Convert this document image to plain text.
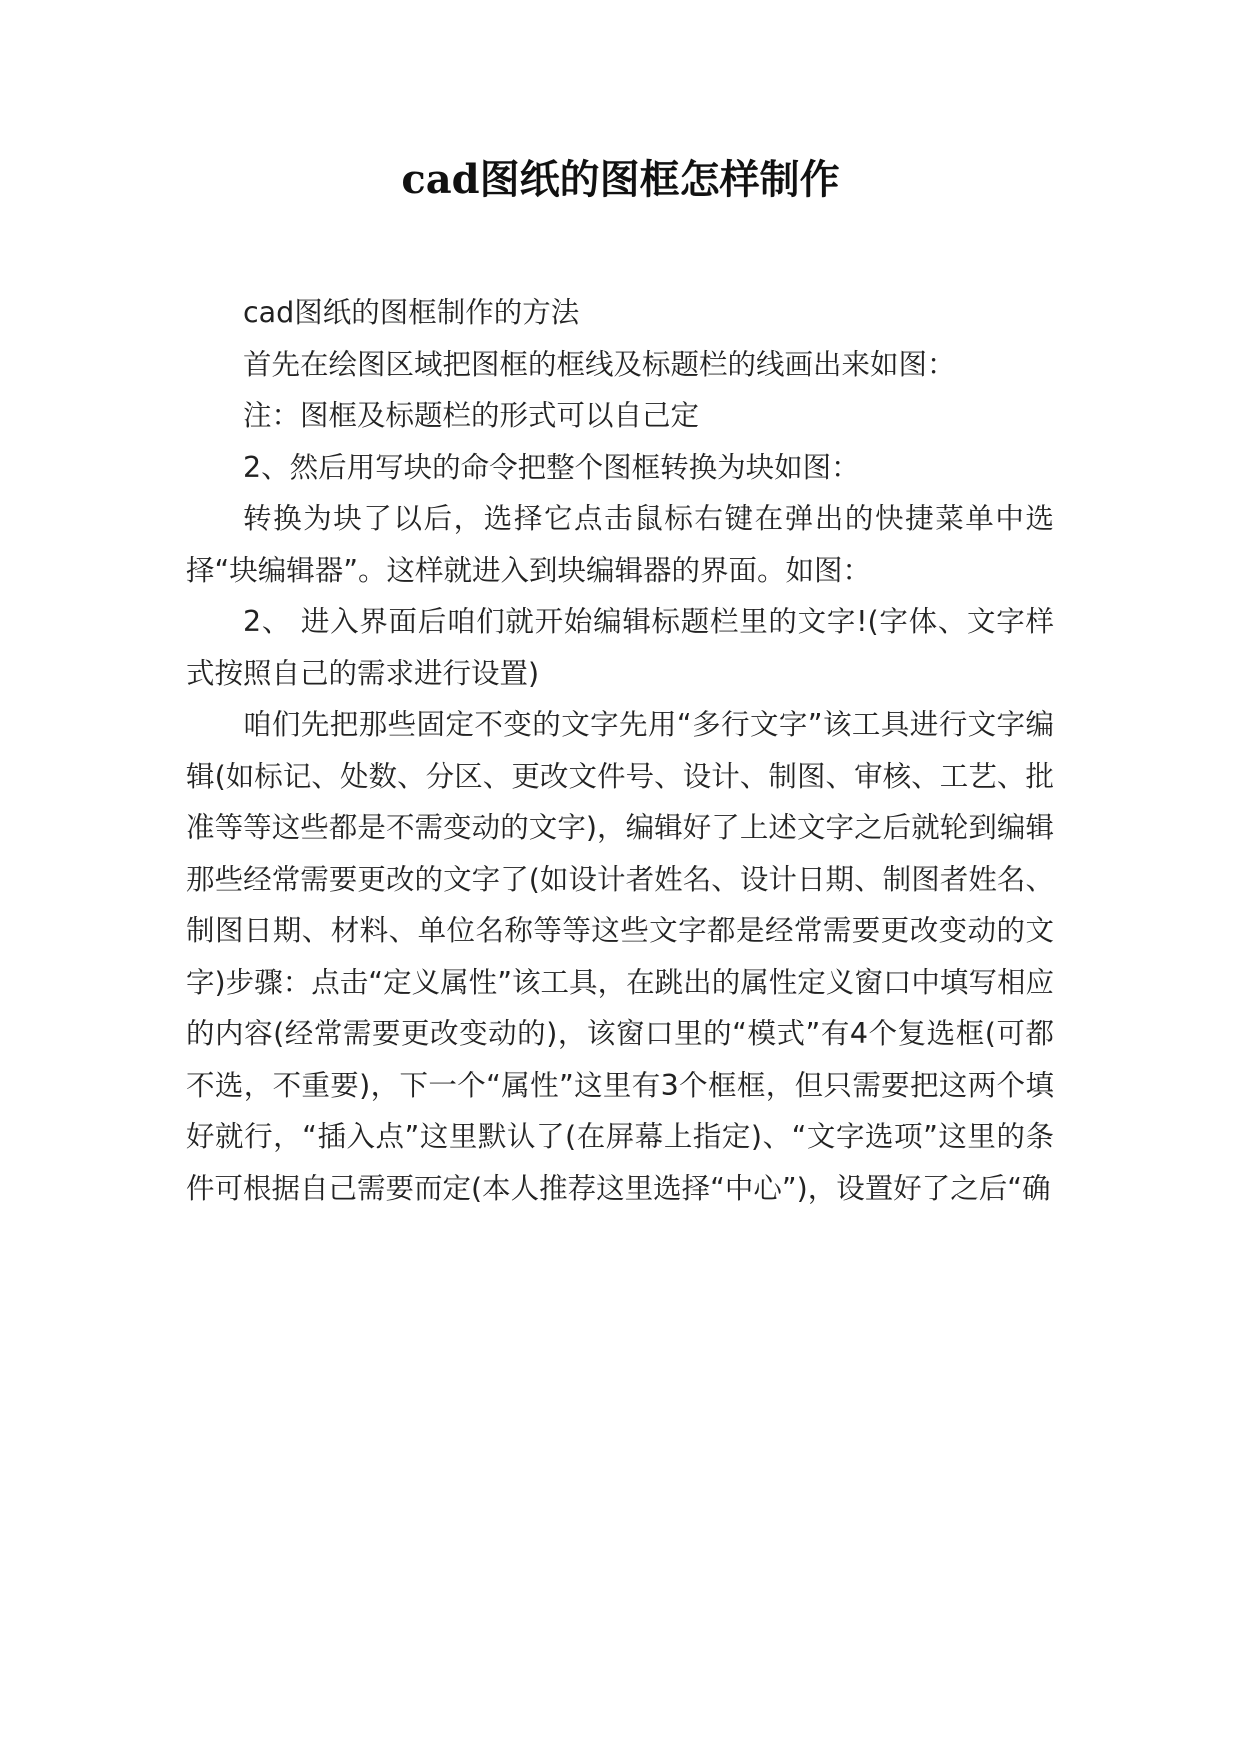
cad图纸的图框怎样制作

cad图纸的图框制作的方法

首先在绘图区域把图框的框线及标题栏的线画出来如图：

注：图框及标题栏的形式可以自己定

2、然后用写块的命令把整个图框转换为块如图：

转换为块了以后，选择它点击鼠标右键在弹出的快捷菜单中选择“块编辑器”。这样就进入到块编辑器的界面。如图：

2、 进入界面后咱们就开始编辑标题栏里的文字!(字体、文字样式按照自己的需求进行设置)

咱们先把那些固定不变的文字先用“多行文字”该工具进行文字编辑(如标记、处数、分区、更改文件号、设计、制图、审核、工艺、批准等等这些都是不需变动的文字)，编辑好了上述文字之后就轮到编辑那些经常需要更改的文字了(如设计者姓名、设计日期、制图者姓名、制图日期、材料、单位名称等等这些文字都是经常需要更改变动的文字)步骤：点击“定义属性”该工具，在跳出的属性定义窗口中填写相应的内容(经常需要更改变动的)，该窗口里的“模式”有4个复选框(可都不选，不重要)，下一个“属性”这里有3个框框，但只需要把这两个填好就行，“插入点”这里默认了(在屏幕上指定)、“文字选项”这里的条件可根据自己需要而定(本人推荐这里选择“中心”)，设置好了之后“确
